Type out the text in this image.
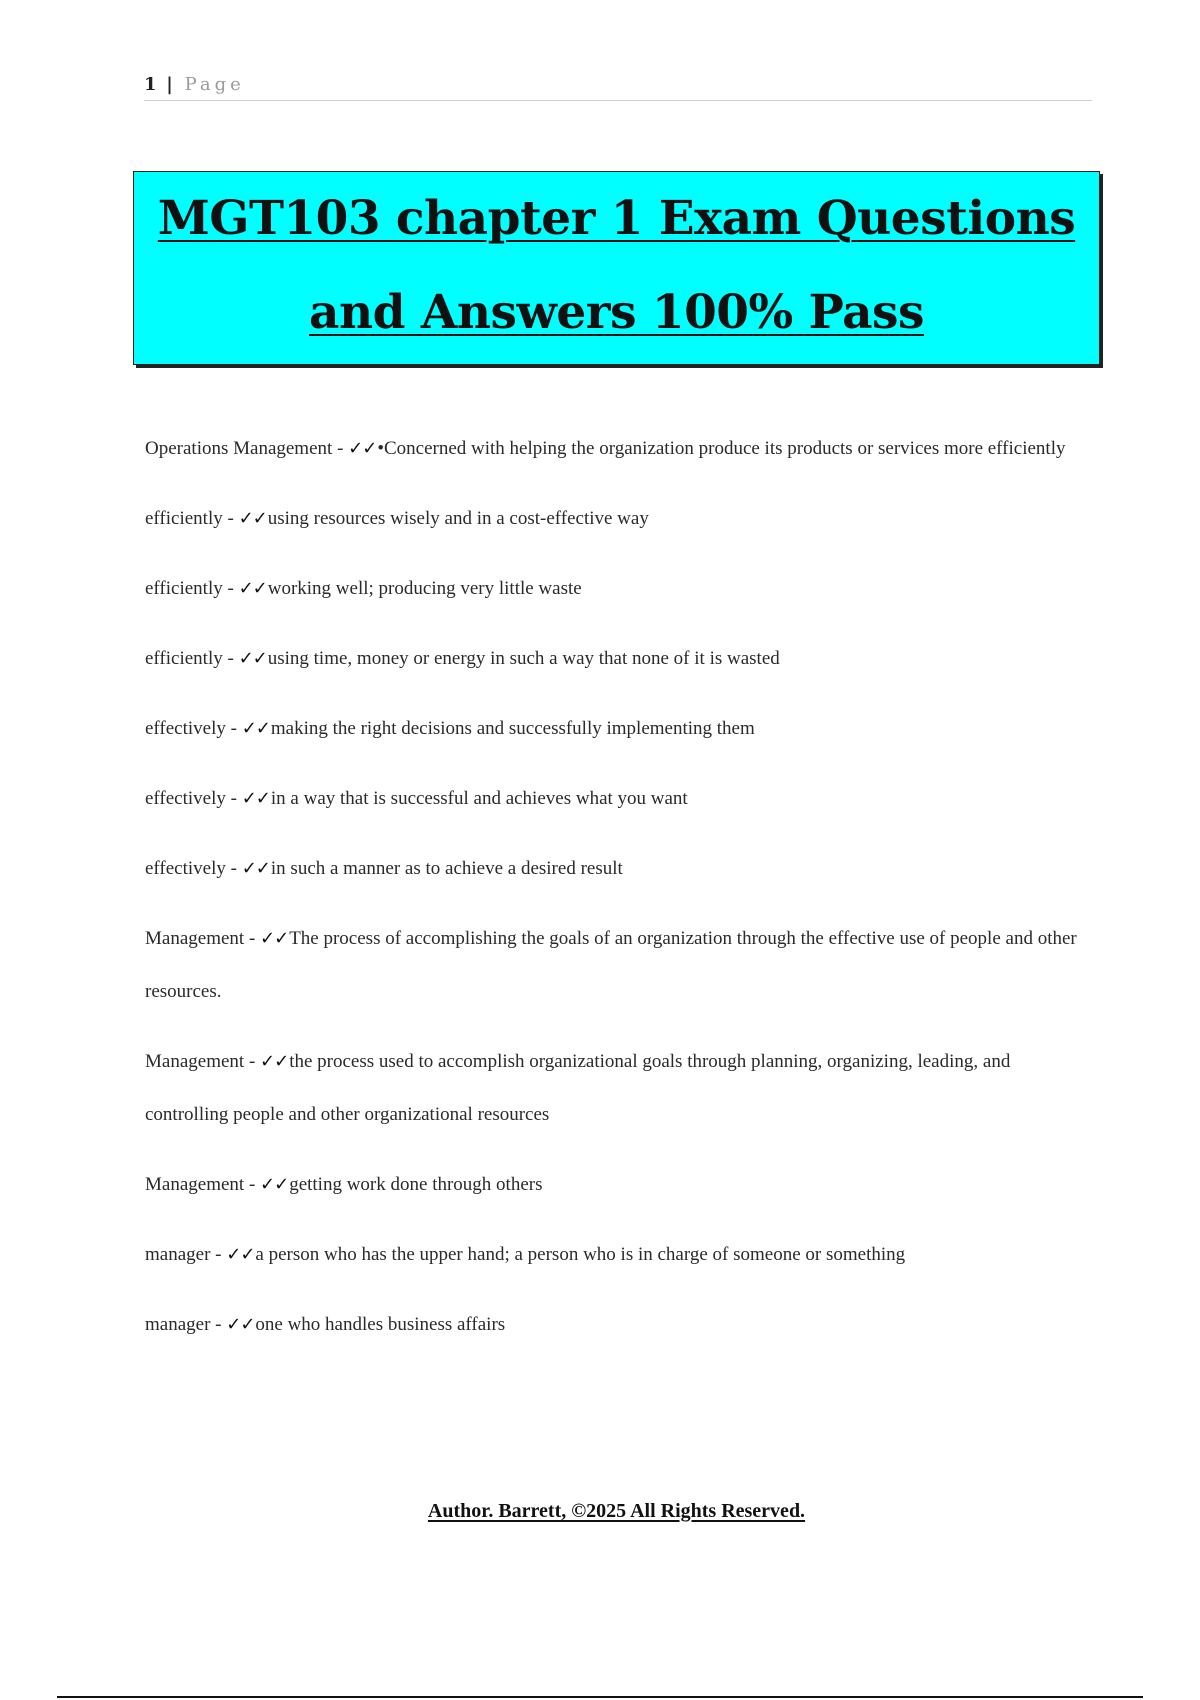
1 | Page
MGT103 chapter 1 Exam Questions
and Answers 100% Pass
Operations Management - ✓✓•Concerned with helping the organization produce its products or services more efficiently
efficiently - ✓✓using resources wisely and in a cost-effective way
efficiently - ✓✓working well; producing very little waste
efficiently - ✓✓using time, money or energy in such a way that none of it is wasted
effectively - ✓✓making the right decisions and successfully implementing them
effectively - ✓✓in a way that is successful and achieves what you want
effectively - ✓✓in such a manner as to achieve a desired result
Management - ✓✓The process of accomplishing the goals of an organization through the effective use of people and other resources.
Management - ✓✓the process used to accomplish organizational goals through planning, organizing, leading, and controlling people and other organizational resources
Management - ✓✓getting work done through others
manager - ✓✓a person who has the upper hand; a person who is in charge of someone or something
manager - ✓✓one who handles business affairs
Author. Barrett, ©2025 All Rights Reserved.
